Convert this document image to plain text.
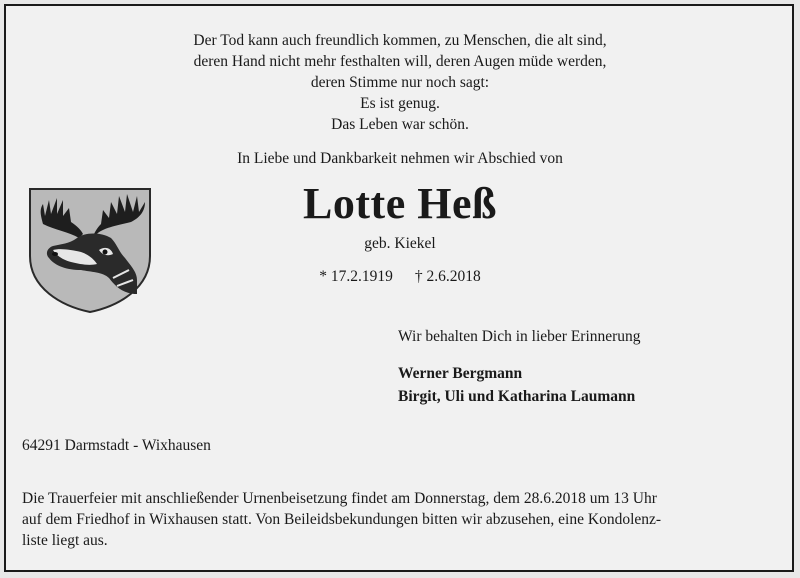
Der Tod kann auch freundlich kommen, zu Menschen, die alt sind,
deren Hand nicht mehr festhalten will, deren Augen müde werden,
deren Stimme nur noch sagt:
Es ist genug.
Das Leben war schön.
In Liebe und Dankbarkeit nehmen wir Abschied von
Lotte Heß
geb. Kiekel
* 17.2.1919 † 2.6.2018
Wir behalten Dich in lieber Erinnerung
Werner Bergmann
Birgit, Uli und Katharina Laumann
64291 Darmstadt - Wixhausen
Die Trauerfeier mit anschließender Urnenbeisetzung findet am Donnerstag, dem 28.6.2018 um 13 Uhr
auf dem Friedhof in Wixhausen statt. Von Beileidsbekundungen bitten wir abzusehen, eine Kondolenz-
liste liegt aus.
